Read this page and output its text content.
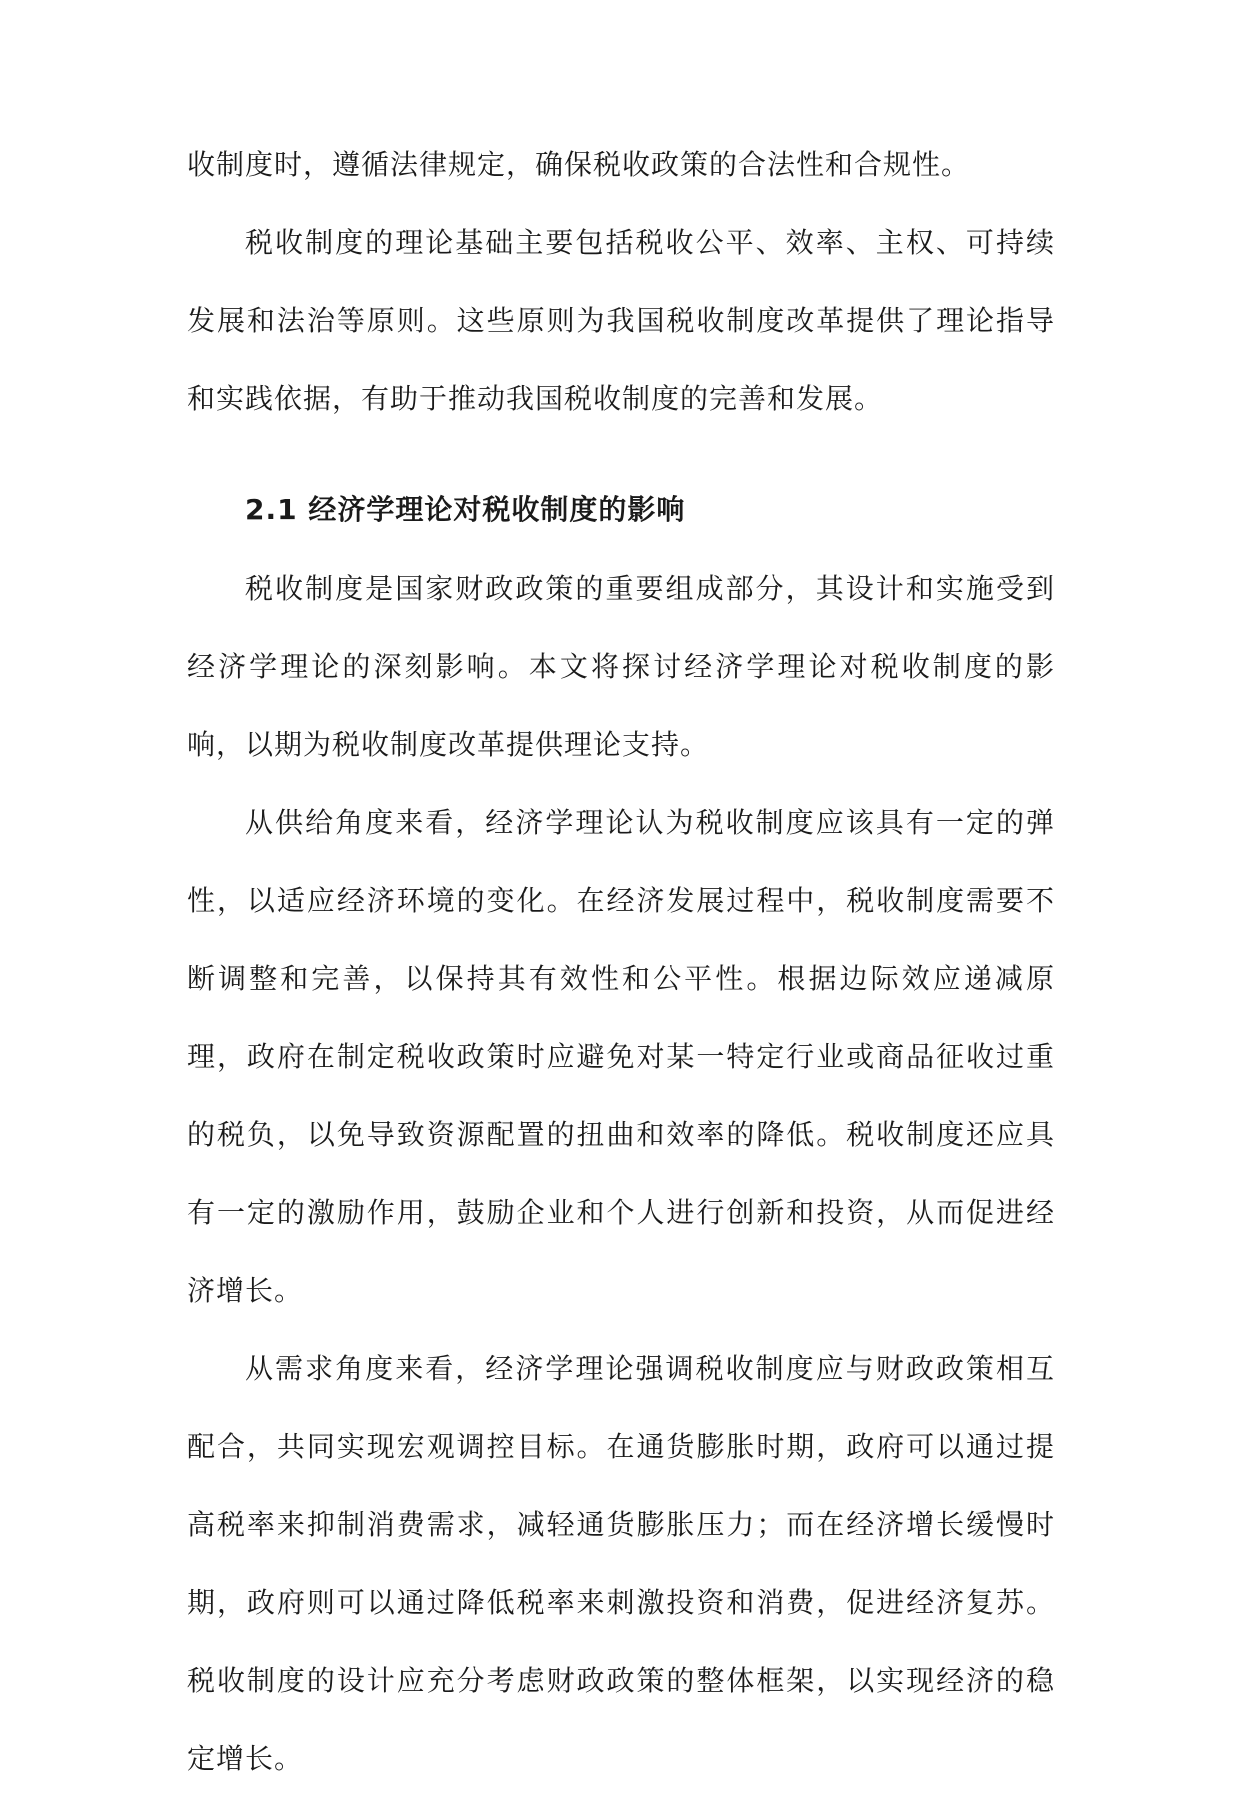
收制度时，遵循法律规定，确保税收政策的合法性和合规性。

税收制度的理论基础主要包括税收公平、效率、主权、可持续发展和法治等原则。这些原则为我国税收制度改革提供了理论指导和实践依据，有助于推动我国税收制度的完善和发展。

2.1 经济学理论对税收制度的影响

税收制度是国家财政政策的重要组成部分，其设计和实施受到经济学理论的深刻影响。本文将探讨经济学理论对税收制度的影响，以期为税收制度改革提供理论支持。

从供给角度来看，经济学理论认为税收制度应该具有一定的弹性，以适应经济环境的变化。在经济发展过程中，税收制度需要不断调整和完善，以保持其有效性和公平性。根据边际效应递减原理，政府在制定税收政策时应避免对某一特定行业或商品征收过重的税负，以免导致资源配置的扭曲和效率的降低。税收制度还应具有一定的激励作用，鼓励企业和个人进行创新和投资，从而促进经济增长。

从需求角度来看，经济学理论强调税收制度应与财政政策相互配合，共同实现宏观调控目标。在通货膨胀时期，政府可以通过提高税率来抑制消费需求，减轻通货膨胀压力；而在经济增长缓慢时期，政府则可以通过降低税率来刺激投资和消费，促进经济复苏。税收制度的设计应充分考虑财政政策的整体框架，以实现经济的稳定增长。
